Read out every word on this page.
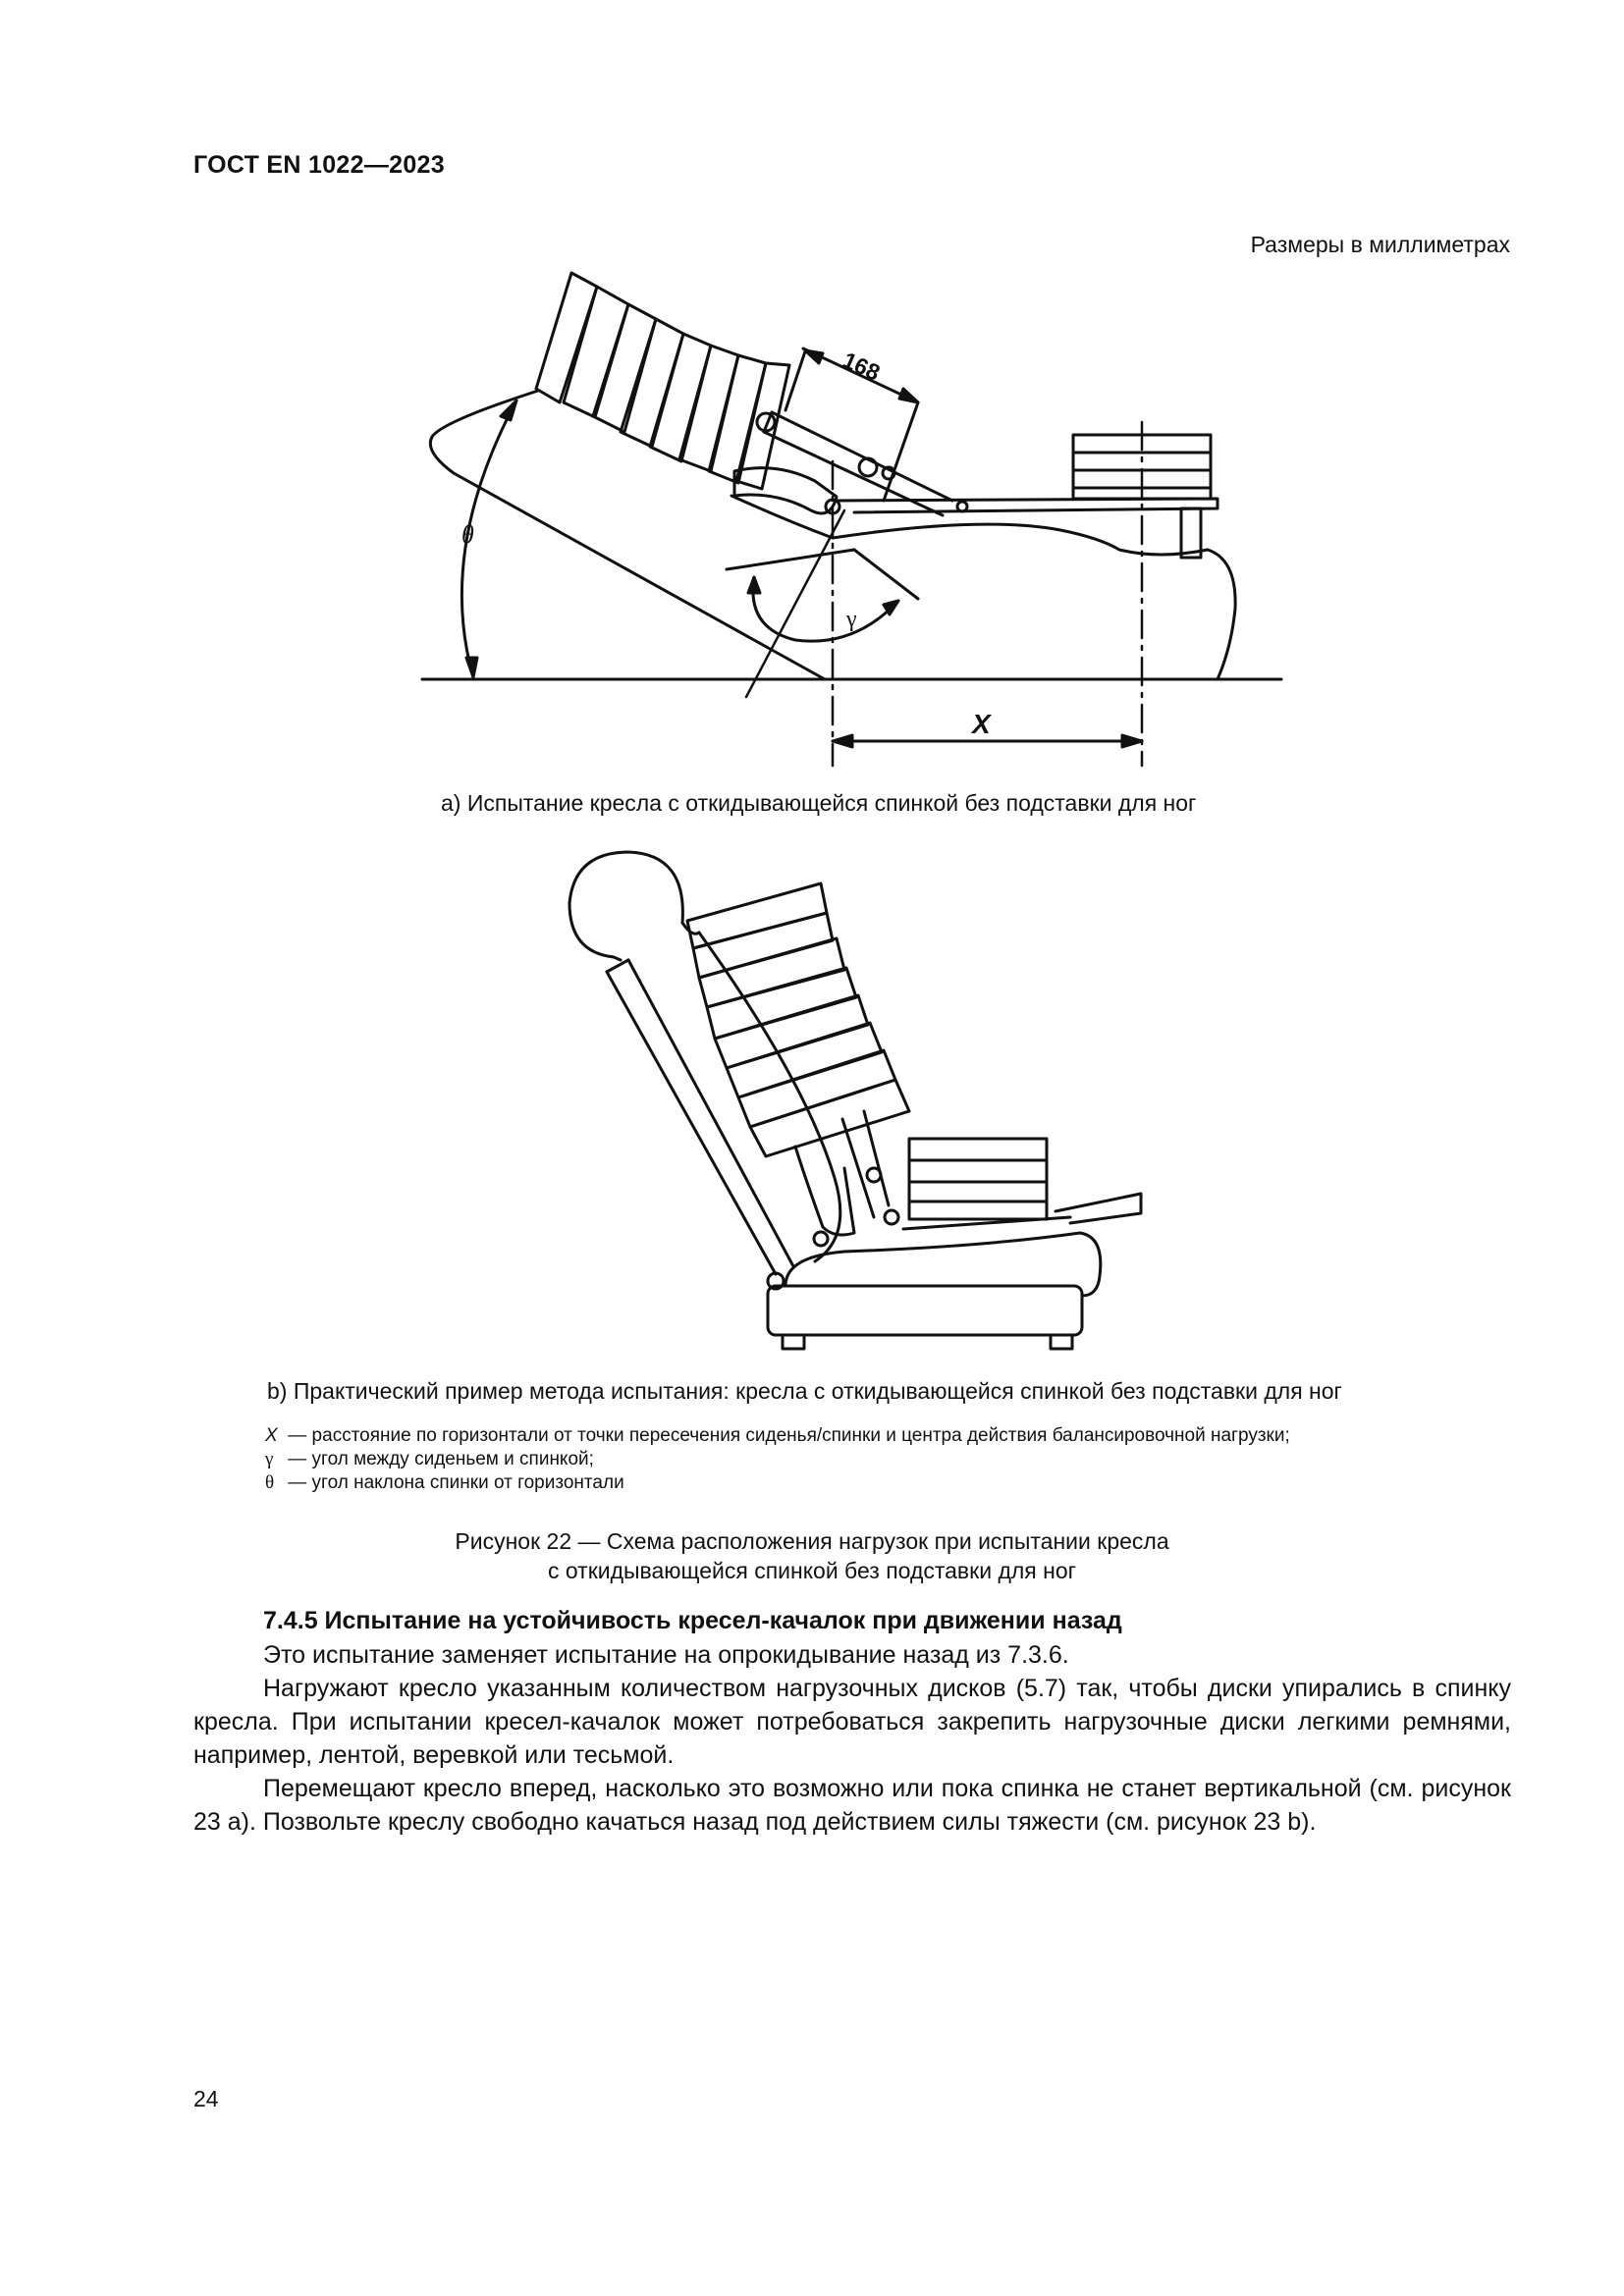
ГОСТ EN 1022—2023
Размеры в миллиметрах
168
θ
γ
X
а) Испытание кресла с откидывающейся спинкой без подставки для ног
b) Практический пример метода испытания: кресла с откидывающейся спинкой без подставки для ног
X — расстояние по горизонтали от точки пересечения сиденья/спинки и центра действия балансировочной нагрузки;
γ — угол между сиденьем и спинкой;
θ — угол наклона спинки от горизонтали
Рисунок 22 — Схема расположения нагрузок при испытании кресла
с откидывающейся спинкой без подставки для ног
7.4.5 Испытание на устойчивость кресел-качалок при движении назад

Это испытание заменяет испытание на опрокидывание назад из 7.3.6.

Нагружают кресло указанным количеством нагрузочных дисков (5.7) так, чтобы диски упирались в спинку кресла. При испытании кресел-качалок может потребоваться закрепить нагрузочные диски легкими ремнями, например, лентой, веревкой или тесьмой.

Перемещают кресло вперед, насколько это возможно или пока спинка не станет вертикальной (см. рисунок 23 а). Позвольте креслу свободно качаться назад под действием силы тяжести (см. рисунок 23 b).

24
